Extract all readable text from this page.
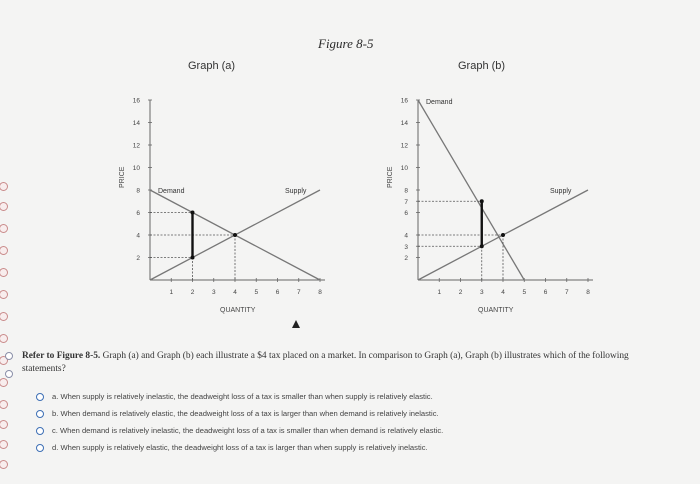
Figure 8-5
Graph (a)	Graph (b)
PRICE
QUANTITY
16
14
12
10
8
6
4
2
1	2	3	4	5	6	7	8
Demand	Supply
PRICE
QUANTITY
16
14
12
10
8
7
6
4
3
2
1	2	3	4	5	6	7	8
Demand
Supply
Refer to Figure 8-5. Graph (a) and Graph (b) each illustrate a $4 tax placed on a market. In comparison to Graph (a), Graph (b) illustrates which of the following statements?
a. When supply is relatively inelastic, the deadweight loss of a tax is smaller than when supply is relatively elastic.
b. When demand is relatively elastic, the deadweight loss of a tax is larger than when demand is relatively inelastic.
c. When demand is relatively inelastic, the deadweight loss of a tax is smaller than when demand is relatively elastic.
d. When supply is relatively elastic, the deadweight loss of a tax is larger than when supply is relatively inelastic.
